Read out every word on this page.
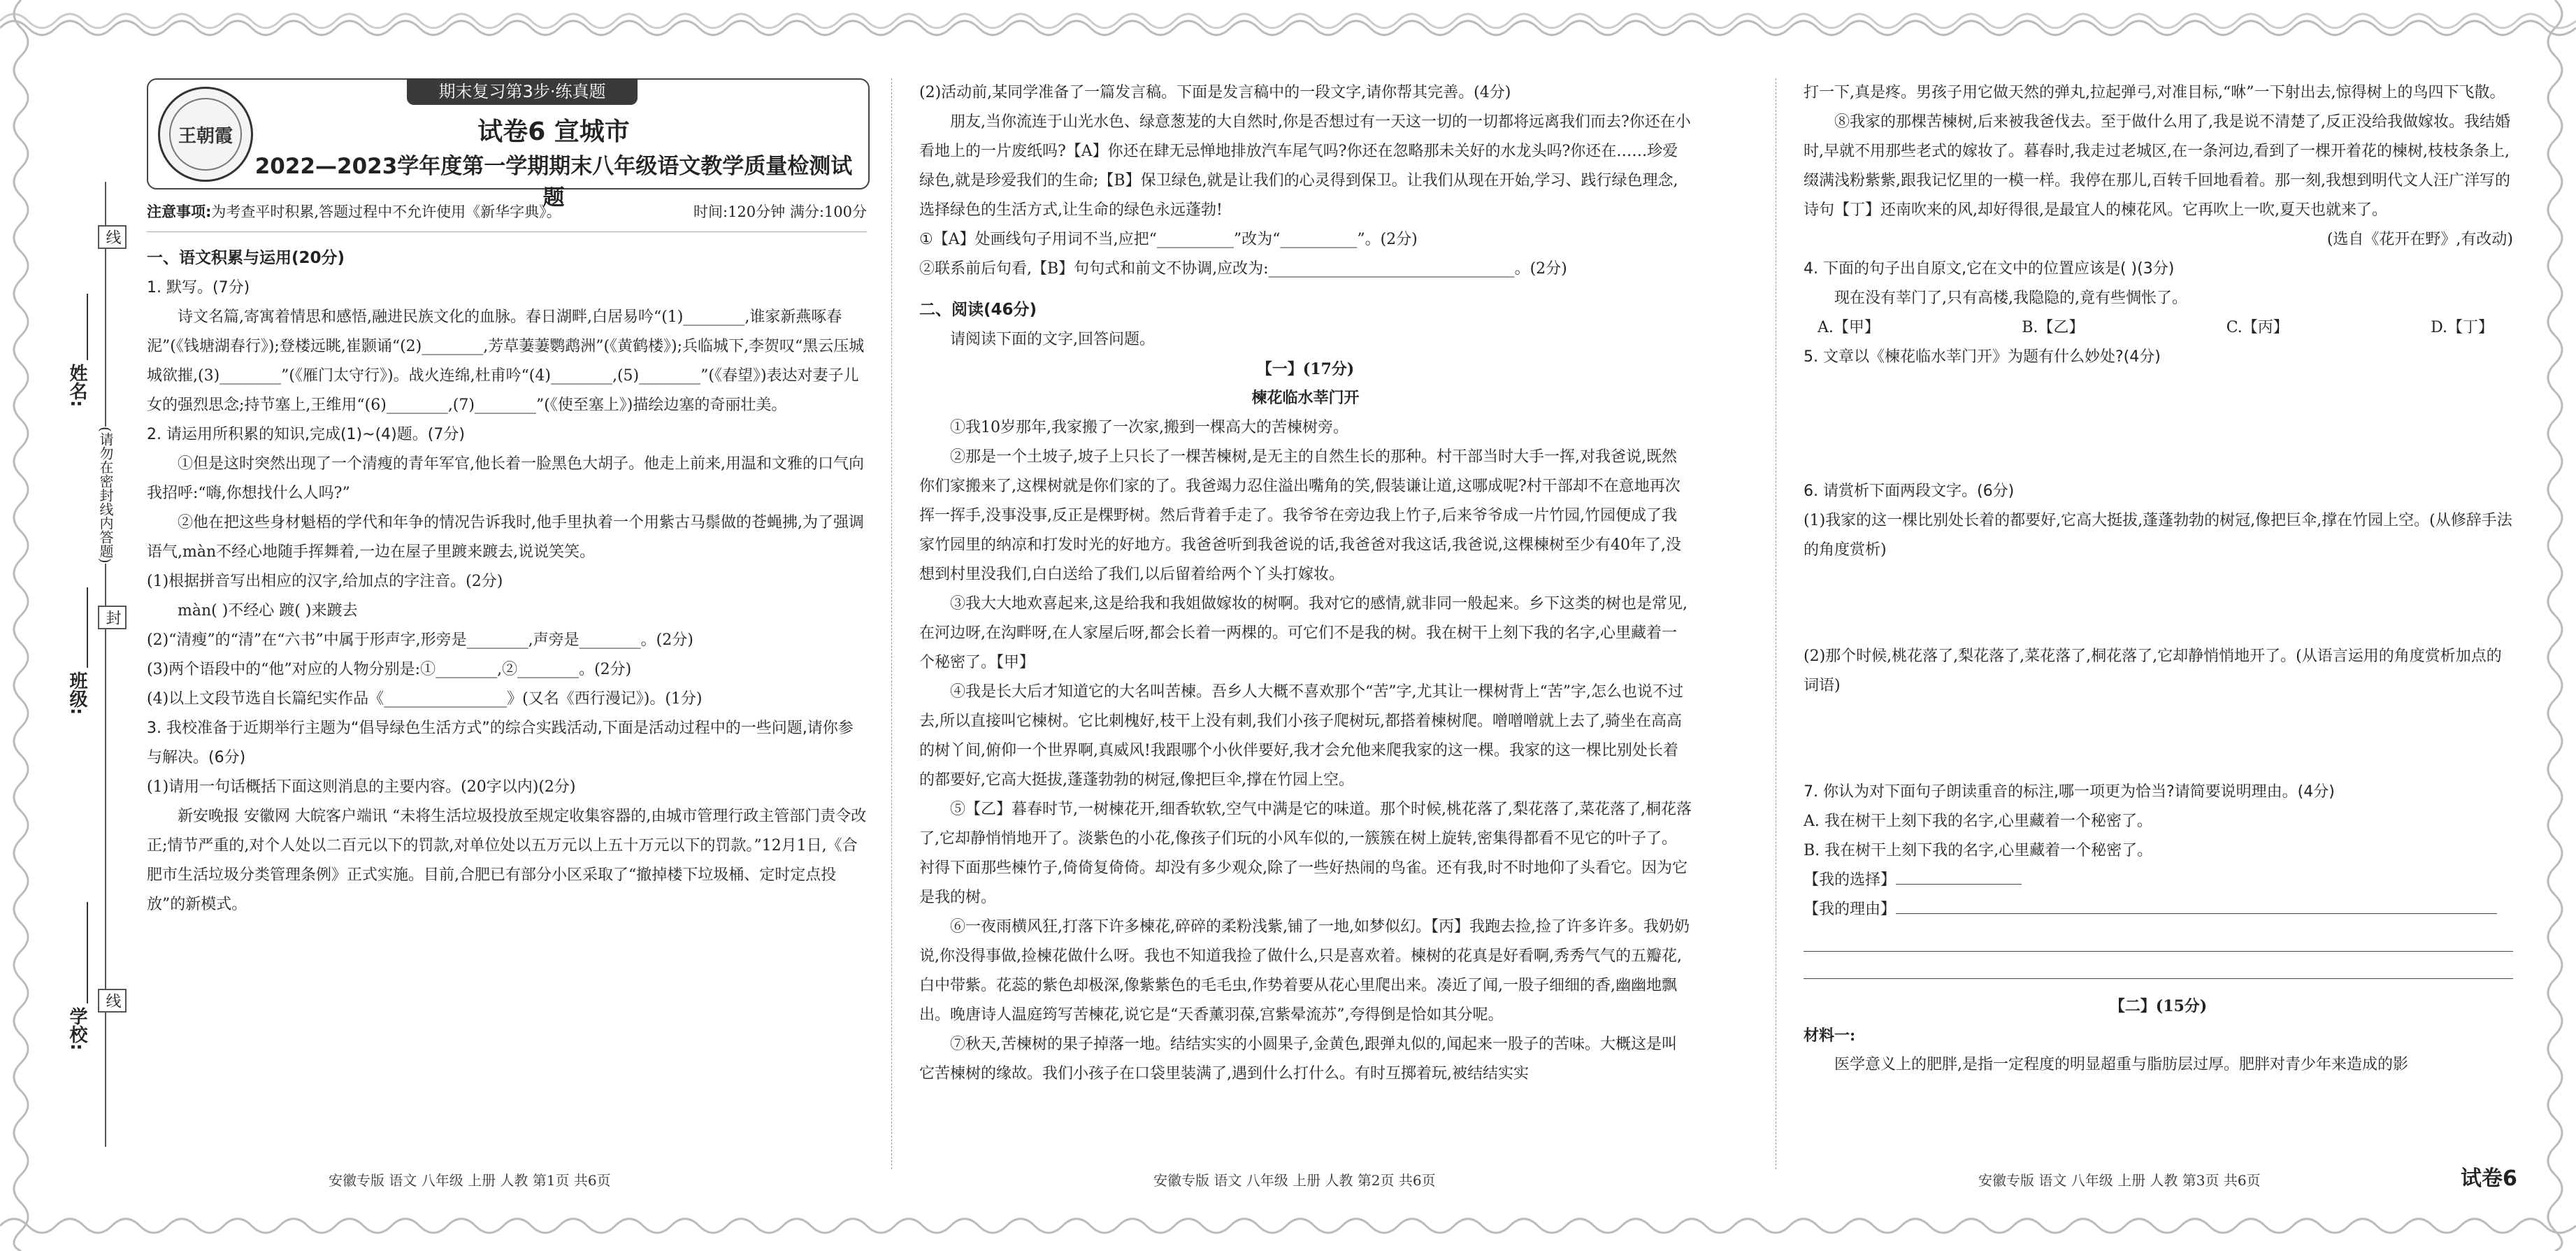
姓名:
班级:
学校:
线
封
线
(请勿在密封线内答题)
王朝霞
期末复习第3步·练真题
试卷6 宣城市
2022—2023学年度第一学期期末八年级语文教学质量检测试题
注意事项:为考查平时积累,答题过程中不允许使用《新华字典》。	时间:120分钟 满分:100分
一、语文积累与运用(20分)

1. 默写。(7分)

诗文名篇,寄寓着情思和感悟,融进民族文化的血脉。春日湖畔,白居易吟“(1)________,谁家新燕啄春泥”(《钱塘湖春行》);登楼远眺,崔颢诵“(2)________,芳草萋萋鹦鹉洲”(《黄鹤楼》);兵临城下,李贺叹“黑云压城城欲摧,(3)________”(《雁门太守行》)。战火连绵,杜甫吟“(4)________,(5)________”(《春望》)表达对妻子儿女的强烈思念;持节塞上,王维用“(6)________,(7)________”(《使至塞上》)描绘边塞的奇丽壮美。

2. 请运用所积累的知识,完成(1)~(4)题。(7分)

①但是这时突然出现了一个清瘦的青年军官,他长着一脸黑色大胡子。他走上前来,用温和文雅的口气向我招呼:“嗨,你想找什么人吗?”

②他在把这些身材魁梧的学代和年争的情况告诉我时,他手里执着一个用紫古马鬃做的苍蝇拂,为了强调语气,màn不经心地随手挥舞着,一边在屋子里踱来踱去,说说笑笑。

(1)根据拼音写出相应的汉字,给加点的字注音。(2分)

màn( )不经心 踱( )来踱去

(2)“清瘦”的“清”在“六书”中属于形声字,形旁是________,声旁是________。(2分)

(3)两个语段中的“他”对应的人物分别是:①________,②________。(2分)

(4)以上文段节选自长篇纪实作品《________________》(又名《西行漫记》)。(1分)

3. 我校准备于近期举行主题为“倡导绿色生活方式”的综合实践活动,下面是活动过程中的一些问题,请你参与解决。(6分)

(1)请用一句话概括下面这则消息的主要内容。(20字以内)(2分)

新安晚报 安徽网 大皖客户端讯 “未将生活垃圾投放至规定收集容器的,由城市管理行政主管部门责令改正;情节严重的,对个人处以二百元以下的罚款,对单位处以五万元以上五十万元以下的罚款。”12月1日,《合肥市生活垃圾分类管理条例》正式实施。目前,合肥已有部分小区采取了“撤掉楼下垃圾桶、定时定点投放”的新模式。

(2)活动前,某同学准备了一篇发言稿。下面是发言稿中的一段文字,请你帮其完善。(4分)

朋友,当你流连于山光水色、绿意葱茏的大自然时,你是否想过有一天这一切的一切都将远离我们而去?你还在小看地上的一片废纸吗?【A】你还在肆无忌惮地排放汽车尾气吗?你还在忽略那未关好的水龙头吗?你还在……珍爱绿色,就是珍爱我们的生命;【B】保卫绿色,就是让我们的心灵得到保卫。让我们从现在开始,学习、践行绿色理念,选择绿色的生活方式,让生命的绿色永远蓬勃!

①【A】处画线句子用词不当,应把“__________”改为“__________”。(2分)

②联系前后句看,【B】句句式和前文不协调,应改为:________________________________。(2分)

二、阅读(46分)

请阅读下面的文字,回答问题。

【一】(17分)

楝花临水莘门开

①我10岁那年,我家搬了一次家,搬到一棵高大的苦楝树旁。

②那是一个土坡子,坡子上只长了一棵苦楝树,是无主的自然生长的那种。村干部当时大手一挥,对我爸说,既然你们家搬来了,这棵树就是你们家的了。我爸竭力忍住溢出嘴角的笑,假装谦让道,这哪成呢?村干部却不在意地再次挥一挥手,没事没事,反正是棵野树。然后背着手走了。我爷爷在旁边我上竹子,后来爷爷成一片竹园,竹园便成了我家竹园里的纳凉和打发时光的好地方。我爸爸听到我爸说的话,我爸爸对我这话,我爸说,这棵楝树至少有40年了,没想到村里没我们,白白送给了我们,以后留着给两个丫头打嫁妆。

③我大大地欢喜起来,这是给我和我姐做嫁妆的树啊。我对它的感情,就非同一般起来。乡下这类的树也是常见,在河边呀,在沟畔呀,在人家屋后呀,都会长着一两棵的。可它们不是我的树。我在树干上刻下我的名字,心里藏着一个秘密了。【甲】

④我是长大后才知道它的大名叫苦楝。吾乡人大概不喜欢那个“苦”字,尤其让一棵树背上“苦”字,怎么也说不过去,所以直接叫它楝树。它比刺槐好,枝干上没有刺,我们小孩子爬树玩,都搭着楝树爬。噌噌噌就上去了,骑坐在高高的树丫间,俯仰一个世界啊,真威风!我跟哪个小伙伴要好,我才会允他来爬我家的这一棵。我家的这一棵比别处长着的都要好,它高大挺拔,蓬蓬勃勃的树冠,像把巨伞,撑在竹园上空。

⑤【乙】暮春时节,一树楝花开,细香软软,空气中满是它的味道。那个时候,桃花落了,梨花落了,菜花落了,桐花落了,它却静悄悄地开了。淡紫色的小花,像孩子们玩的小风车似的,一簇簇在树上旋转,密集得都看不见它的叶子了。衬得下面那些楝竹子,倚倚复倚倚。却没有多少观众,除了一些好热闹的鸟雀。还有我,时不时地仰了头看它。因为它是我的树。

⑥一夜雨横风狂,打落下许多楝花,碎碎的柔粉浅紫,铺了一地,如梦似幻。【丙】我跑去捡,捡了许多许多。我奶奶说,你没得事做,捡楝花做什么呀。我也不知道我捡了做什么,只是喜欢着。楝树的花真是好看啊,秀秀气气的五瓣花,白中带紫。花蕊的紫色却极深,像紫紫色的毛毛虫,作势着要从花心里爬出来。凑近了闻,一股子细细的香,幽幽地飘出。晚唐诗人温庭筠写苦楝花,说它是“天香薰羽葆,宫紫晕流苏”,夸得倒是恰如其分呢。

⑦秋天,苦楝树的果子掉落一地。结结实实的小圆果子,金黄色,跟弹丸似的,闻起来一股子的苦味。大概这是叫它苦楝树的缘故。我们小孩子在口袋里装满了,遇到什么打什么。有时互掷着玩,被结结实实

打一下,真是疼。男孩子用它做天然的弹丸,拉起弹弓,对准目标,“咻”一下射出去,惊得树上的鸟四下飞散。

⑧我家的那棵苦楝树,后来被我爸伐去。至于做什么用了,我是说不清楚了,反正没给我做嫁妆。我结婚时,早就不用那些老式的嫁妆了。暮春时,我走过老城区,在一条河边,看到了一棵开着花的楝树,枝枝条条上,缀满浅粉紫紫,跟我记忆里的一模一样。我停在那儿,百转千回地看着。那一刻,我想到明代文人汪广洋写的诗句【丁】还南吹来的风,却好得很,是最宜人的楝花风。它再吹上一吹,夏天也就来了。

(选自《花开在野》,有改动)

4. 下面的句子出自原文,它在文中的位置应该是( )(3分)

现在没有莘门了,只有高楼,我隐隐的,竟有些惆怅了。

A.【甲】	B.【乙】	C.【丙】	D.【丁】

5. 文章以《楝花临水莘门开》为题有什么妙处?(4分)

6. 请赏析下面两段文字。(6分)

(1)我家的这一棵比别处长着的都要好,它高大挺拔,蓬蓬勃勃的树冠,像把巨伞,撑在竹园上空。(从修辞手法的角度赏析)

(2)那个时候,桃花落了,梨花落了,菜花落了,桐花落了,它却静悄悄地开了。(从语言运用的角度赏析加点的词语)

7. 你认为对下面句子朗读重音的标注,哪一项更为恰当?请简要说明理由。(4分)

A. 我在树干上刻下我的名字,心里藏着一个秘密了。

B. 我在树干上刻下我的名字,心里藏着一个秘密了。

【我的选择】

【我的理由】

【二】(15分)

材料一:

医学意义上的肥胖,是指一定程度的明显超重与脂肪层过厚。肥胖对青少年来造成的影

安徽专版 语文 八年级 上册 人教 第1页 共6页	安徽专版 语文 八年级 上册 人教 第2页 共6页	安徽专版 语文 八年级 上册 人教 第3页 共6页	试卷6
